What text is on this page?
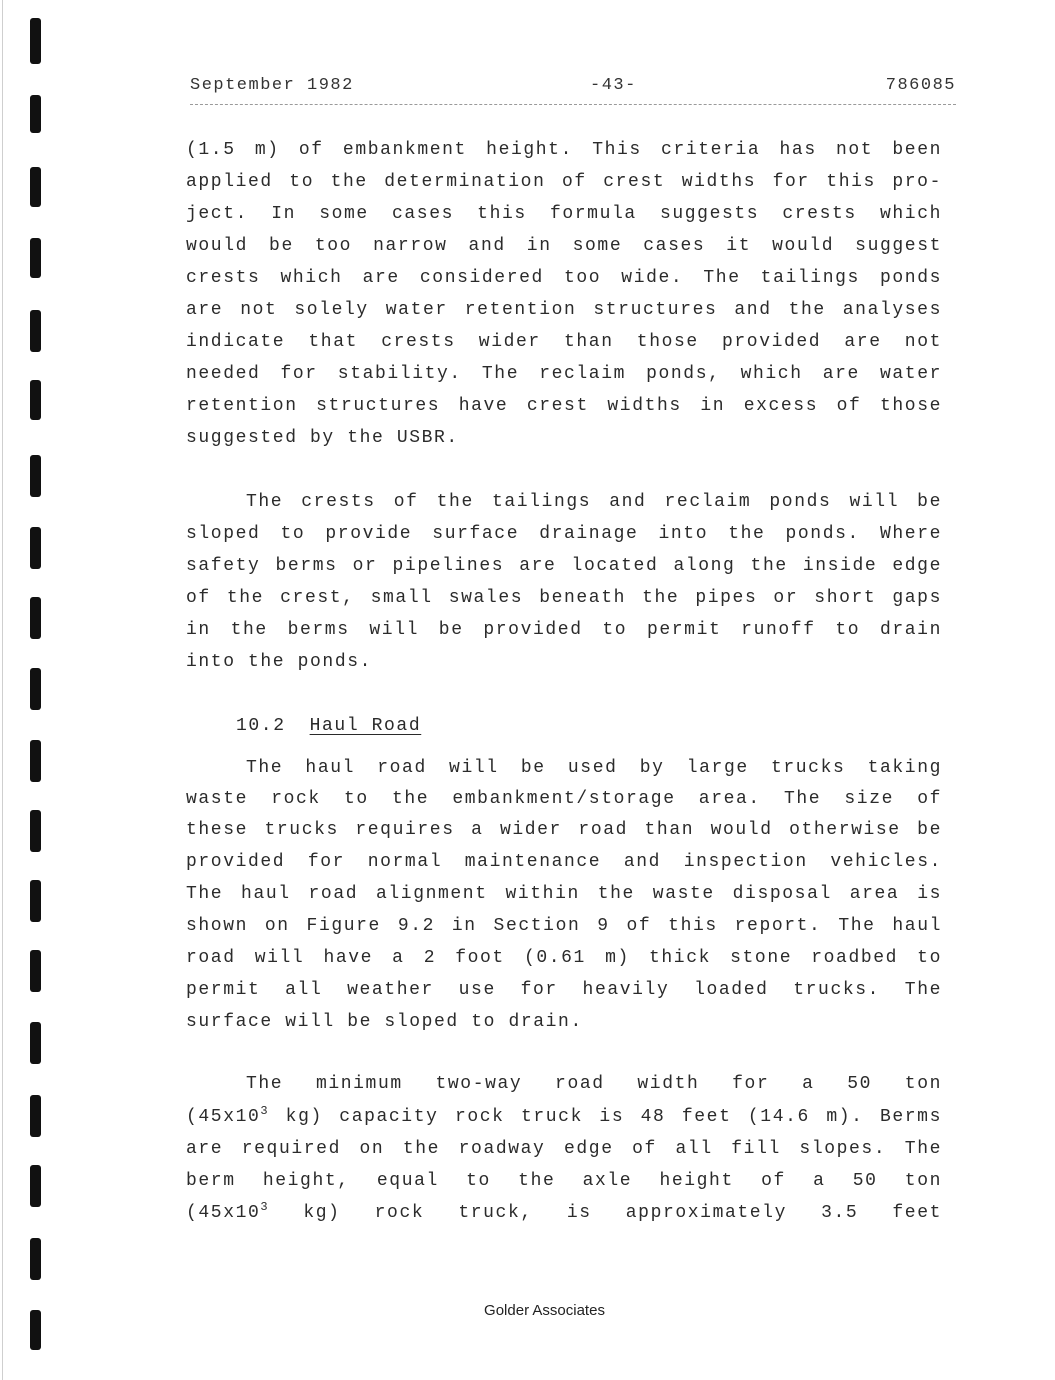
September 1982	-43-	786085
(1.5 m) of embankment height. This criteria has not been
applied to the determination of crest widths for this pro-
ject. In some cases this formula suggests crests which
would be too narrow and in some cases it would suggest
crests which are considered too wide. The tailings ponds
are not solely water retention structures and the analyses
indicate that crests wider than those provided are not
needed for stability. The reclaim ponds, which are water
retention structures have crest widths in excess of those
suggested by the USBR.
The crests of the tailings and reclaim ponds will be
sloped to provide surface drainage into the ponds. Where
safety berms or pipelines are located along the inside edge
of the crest, small swales beneath the pipes or short gaps
in the berms will be provided to permit runoff to drain
into the ponds.
10.2 Haul Road
The haul road will be used by large trucks taking
waste rock to the embankment/storage area. The size of
these trucks requires a wider road than would otherwise be
provided for normal maintenance and inspection vehicles.
The haul road alignment within the waste disposal area is
shown on Figure 9.2 in Section 9 of this report. The haul
road will have a 2 foot (0.61 m) thick stone roadbed to
permit all weather use for heavily loaded trucks. The
surface will be sloped to drain.
The minimum two-way road width for a 50 ton
($45x10^3$ kg) capacity rock truck is 48 feet (14.6 m). Berms
are required on the roadway edge of all fill slopes. The
berm height, equal to the axle height of a 50 ton
($45x10^3$ kg) rock truck, is approximately 3.5 feet
Golder Associates
